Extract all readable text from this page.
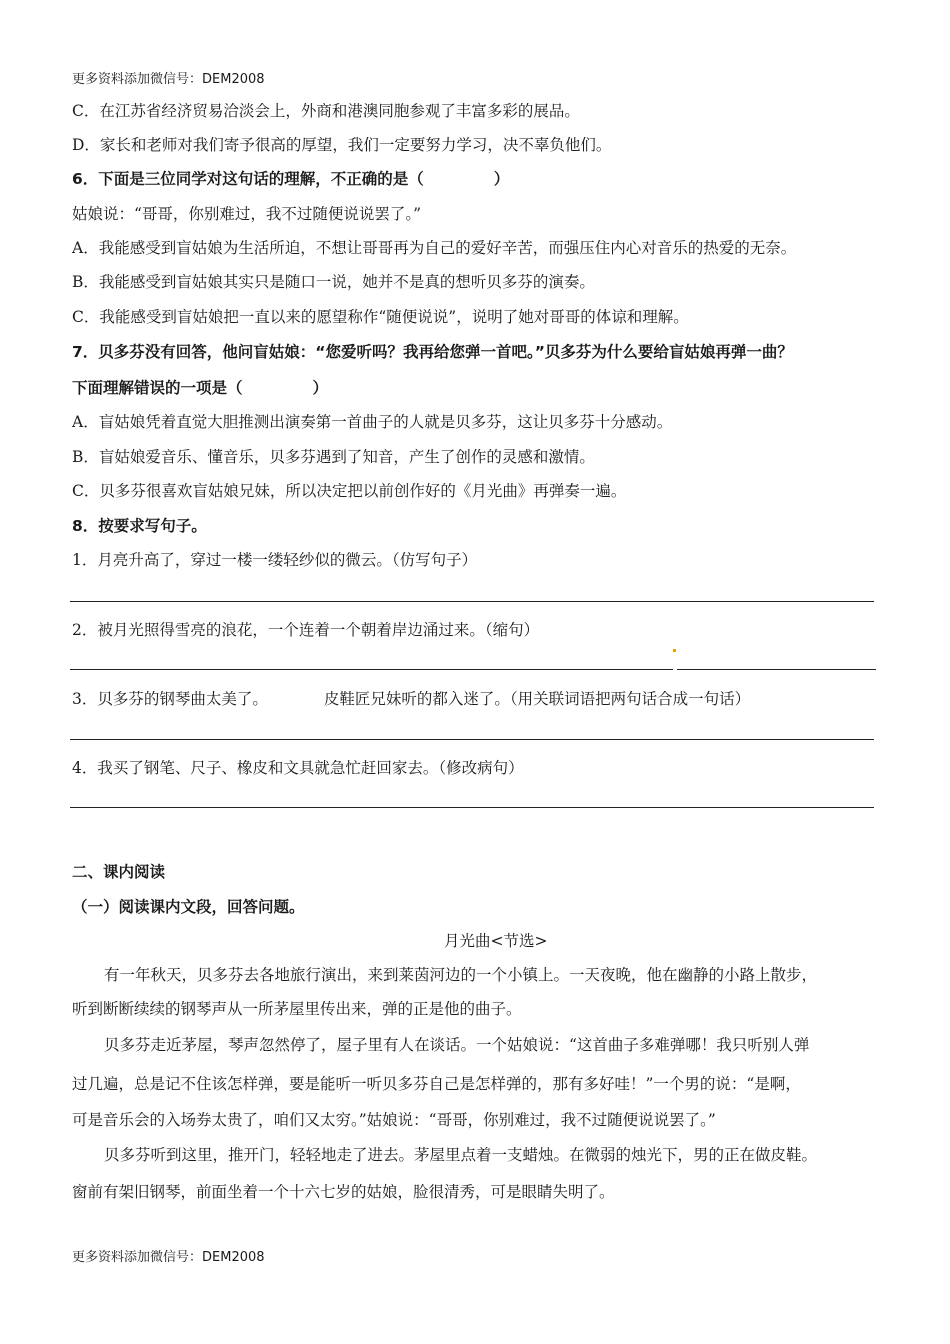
更多资料添加微信号：DEM2008
C．在江苏省经济贸易洽淡会上，外商和港澳同胞参观了丰富多彩的展品。
D．家长和老师对我们寄予很高的厚望，我们一定要努力学习，决不辜负他们。
6．下面是三位同学对这句话的理解，不正确的是（	）
姑娘说：“哥哥，你别难过，我不过随便说说罢了。”
A．我能感受到盲姑娘为生活所迫，不想让哥哥再为自己的爱好辛苦，而强压住内心对音乐的热爱的无奈。
B．我能感受到盲姑娘其实只是随口一说，她并不是真的想听贝多芬的演奏。
C．我能感受到盲姑娘把一直以来的愿望称作“随便说说”，说明了她对哥哥的体谅和理解。
7．贝多芬没有回答，他问盲姑娘：“您爱听吗？我再给您弹一首吧。”贝多芬为什么要给盲姑娘再弹一曲？
下面理解错误的一项是（	）
A．盲姑娘凭着直觉大胆推测出演奏第一首曲子的人就是贝多芬，这让贝多芬十分感动。
B．盲姑娘爱音乐、懂音乐，贝多芬遇到了知音，产生了创作的灵感和激情。
C．贝多芬很喜欢盲姑娘兄妹，所以决定把以前创作好的《月光曲》再弹奏一遍。
8．按要求写句子。
1．月亮升高了，穿过一楼一缕轻纱似的微云。（仿写句子）
2．被月光照得雪亮的浪花，一个连着一个朝着岸边涌过来。（缩句）
3．贝多芬的钢琴曲太美了。	皮鞋匠兄妹听的都入迷了。（用关联词语把两句话合成一句话）
4．我买了钢笔、尺子、橡皮和文具就急忙赶回家去。（修改病句）
二、课内阅读
（一）阅读课内文段，回答问题。
月光曲<节选>
有一年秋天，贝多芬去各地旅行演出，来到莱茵河边的一个小镇上。一天夜晚，他在幽静的小路上散步，
听到断断续续的钢琴声从一所茅屋里传出来，弹的正是他的曲子。
贝多芬走近茅屋，琴声忽然停了，屋子里有人在谈话。一个姑娘说：“这首曲子多难弹哪！我只听别人弹
过几遍，总是记不住该怎样弹，要是能听一听贝多芬自己是怎样弹的，那有多好哇！”一个男的说：“是啊，
可是音乐会的入场券太贵了，咱们又太穷。”姑娘说：“哥哥，你别难过，我不过随便说说罢了。”
贝多芬听到这里，推开门，轻轻地走了进去。茅屋里点着一支蜡烛。在微弱的烛光下，男的正在做皮鞋。
窗前有架旧钢琴，前面坐着一个十六七岁的姑娘，脸很清秀，可是眼睛失明了。
更多资料添加微信号：DEM2008
